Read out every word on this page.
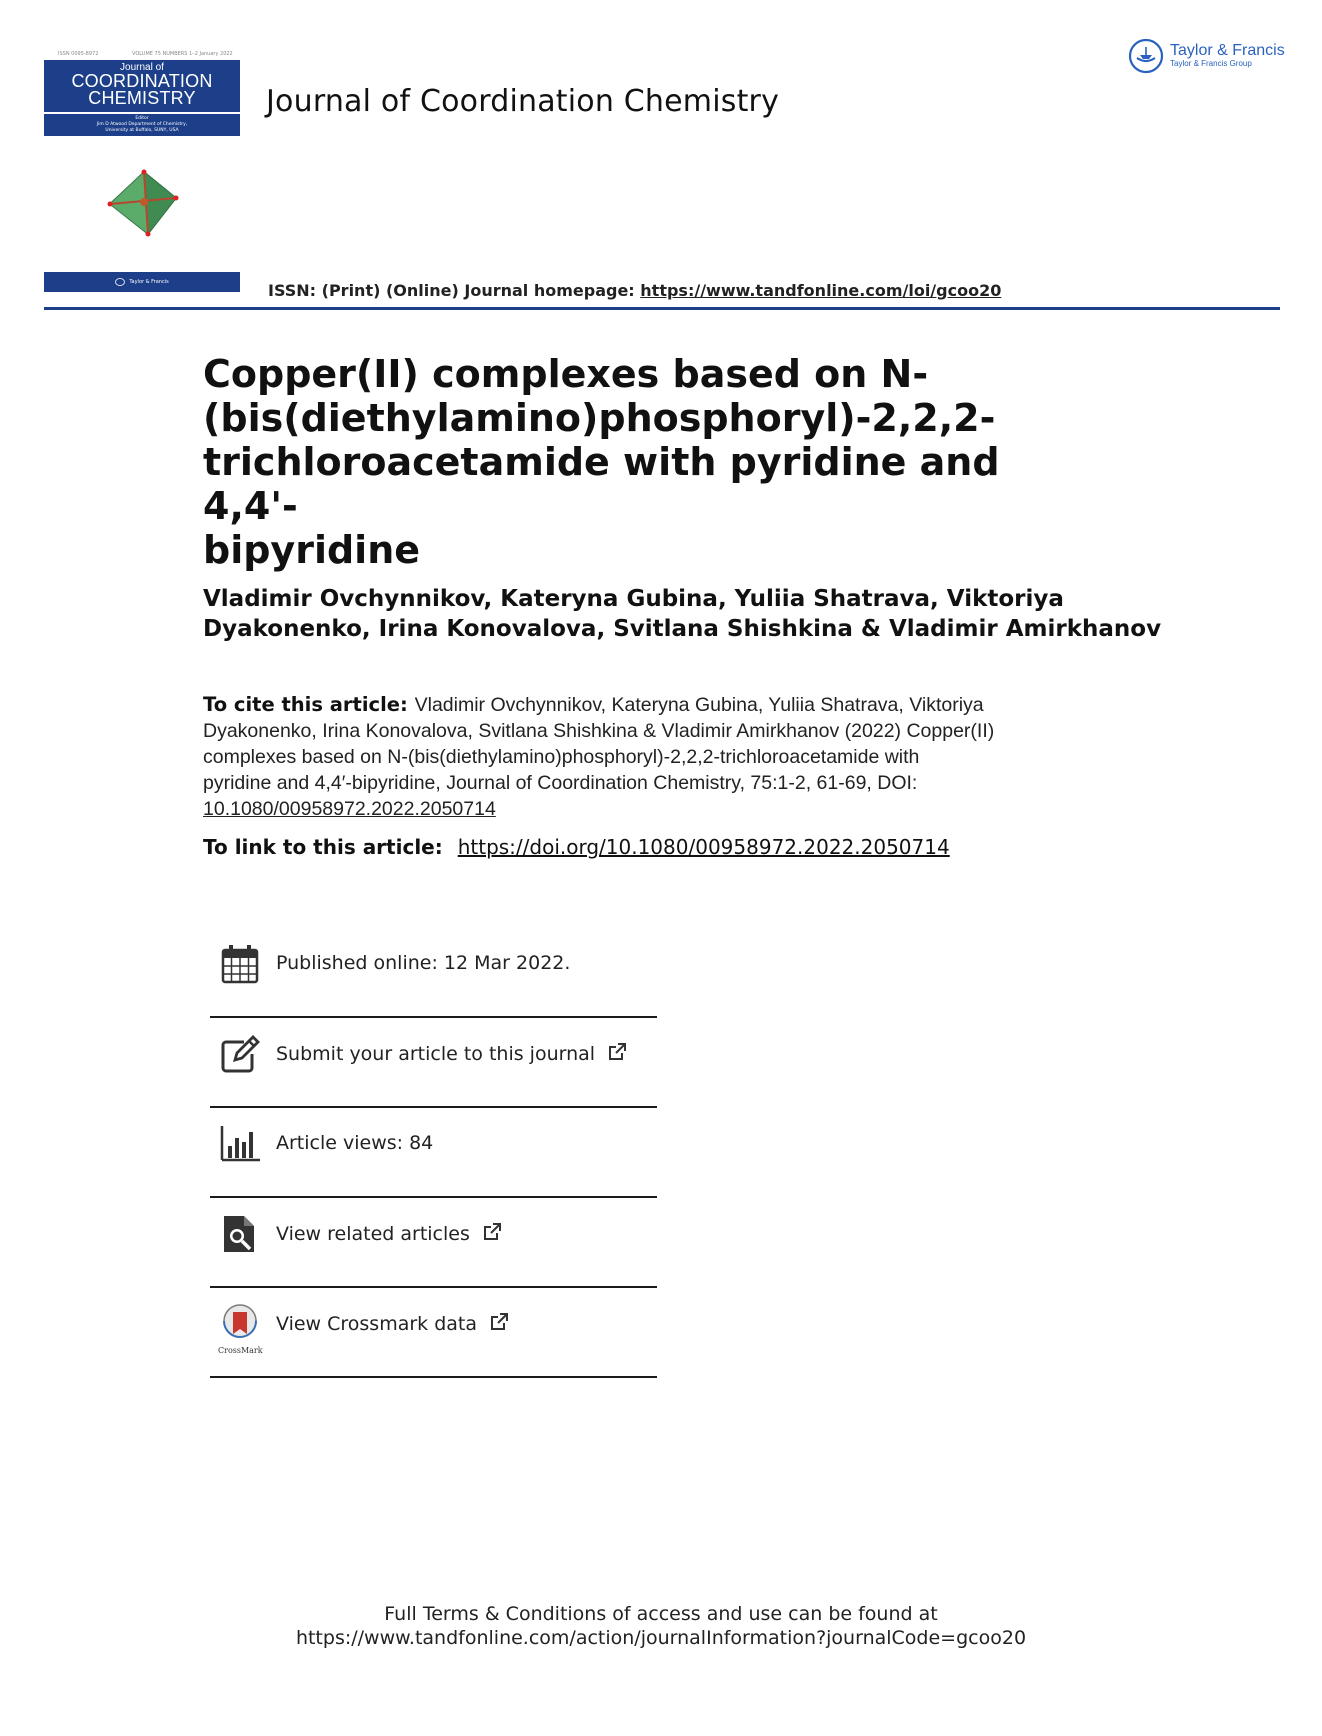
ISSN 0095-8972	VOLUME 75 NUMBERS 1–2 January 2022
Journal of
COORDINATION
CHEMISTRY
Editor
Jim D Atwood Department of Chemistry,
University at Buffalo, SUNY, USA
Taylor & Francis
Journal of Coordination Chemistry
ISSN: (Print) (Online) Journal homepage: https://www.tandfonline.com/loi/gcoo20
Taylor & Francis
Taylor & Francis Group
Copper(II) complexes based on N-
(bis(diethylamino)phosphoryl)-2,2,2-
trichloroacetamide with pyridine and 4,4'-
bipyridine
Vladimir Ovchynnikov, Kateryna Gubina, Yuliia Shatrava, Viktoriya
Dyakonenko, Irina Konovalova, Svitlana Shishkina & Vladimir Amirkhanov
To cite this article: Vladimir Ovchynnikov, Kateryna Gubina, Yuliia Shatrava, Viktoriya
Dyakonenko, Irina Konovalova, Svitlana Shishkina & Vladimir Amirkhanov (2022) Copper(II)
complexes based on N-(bis(diethylamino)phosphoryl)-2,2,2-trichloroacetamide with
pyridine and 4,4′-bipyridine, Journal of Coordination Chemistry, 75:1-2, 61-69, DOI:
10.1080/00958972.2022.2050714
To link to this article: https://doi.org/10.1080/00958972.2022.2050714
Published online: 12 Mar 2022.
Submit your article to this journal
Article views: 84
View related articles
CrossMark
View Crossmark data
Full Terms & Conditions of access and use can be found at
https://www.tandfonline.com/action/journalInformation?journalCode=gcoo20
